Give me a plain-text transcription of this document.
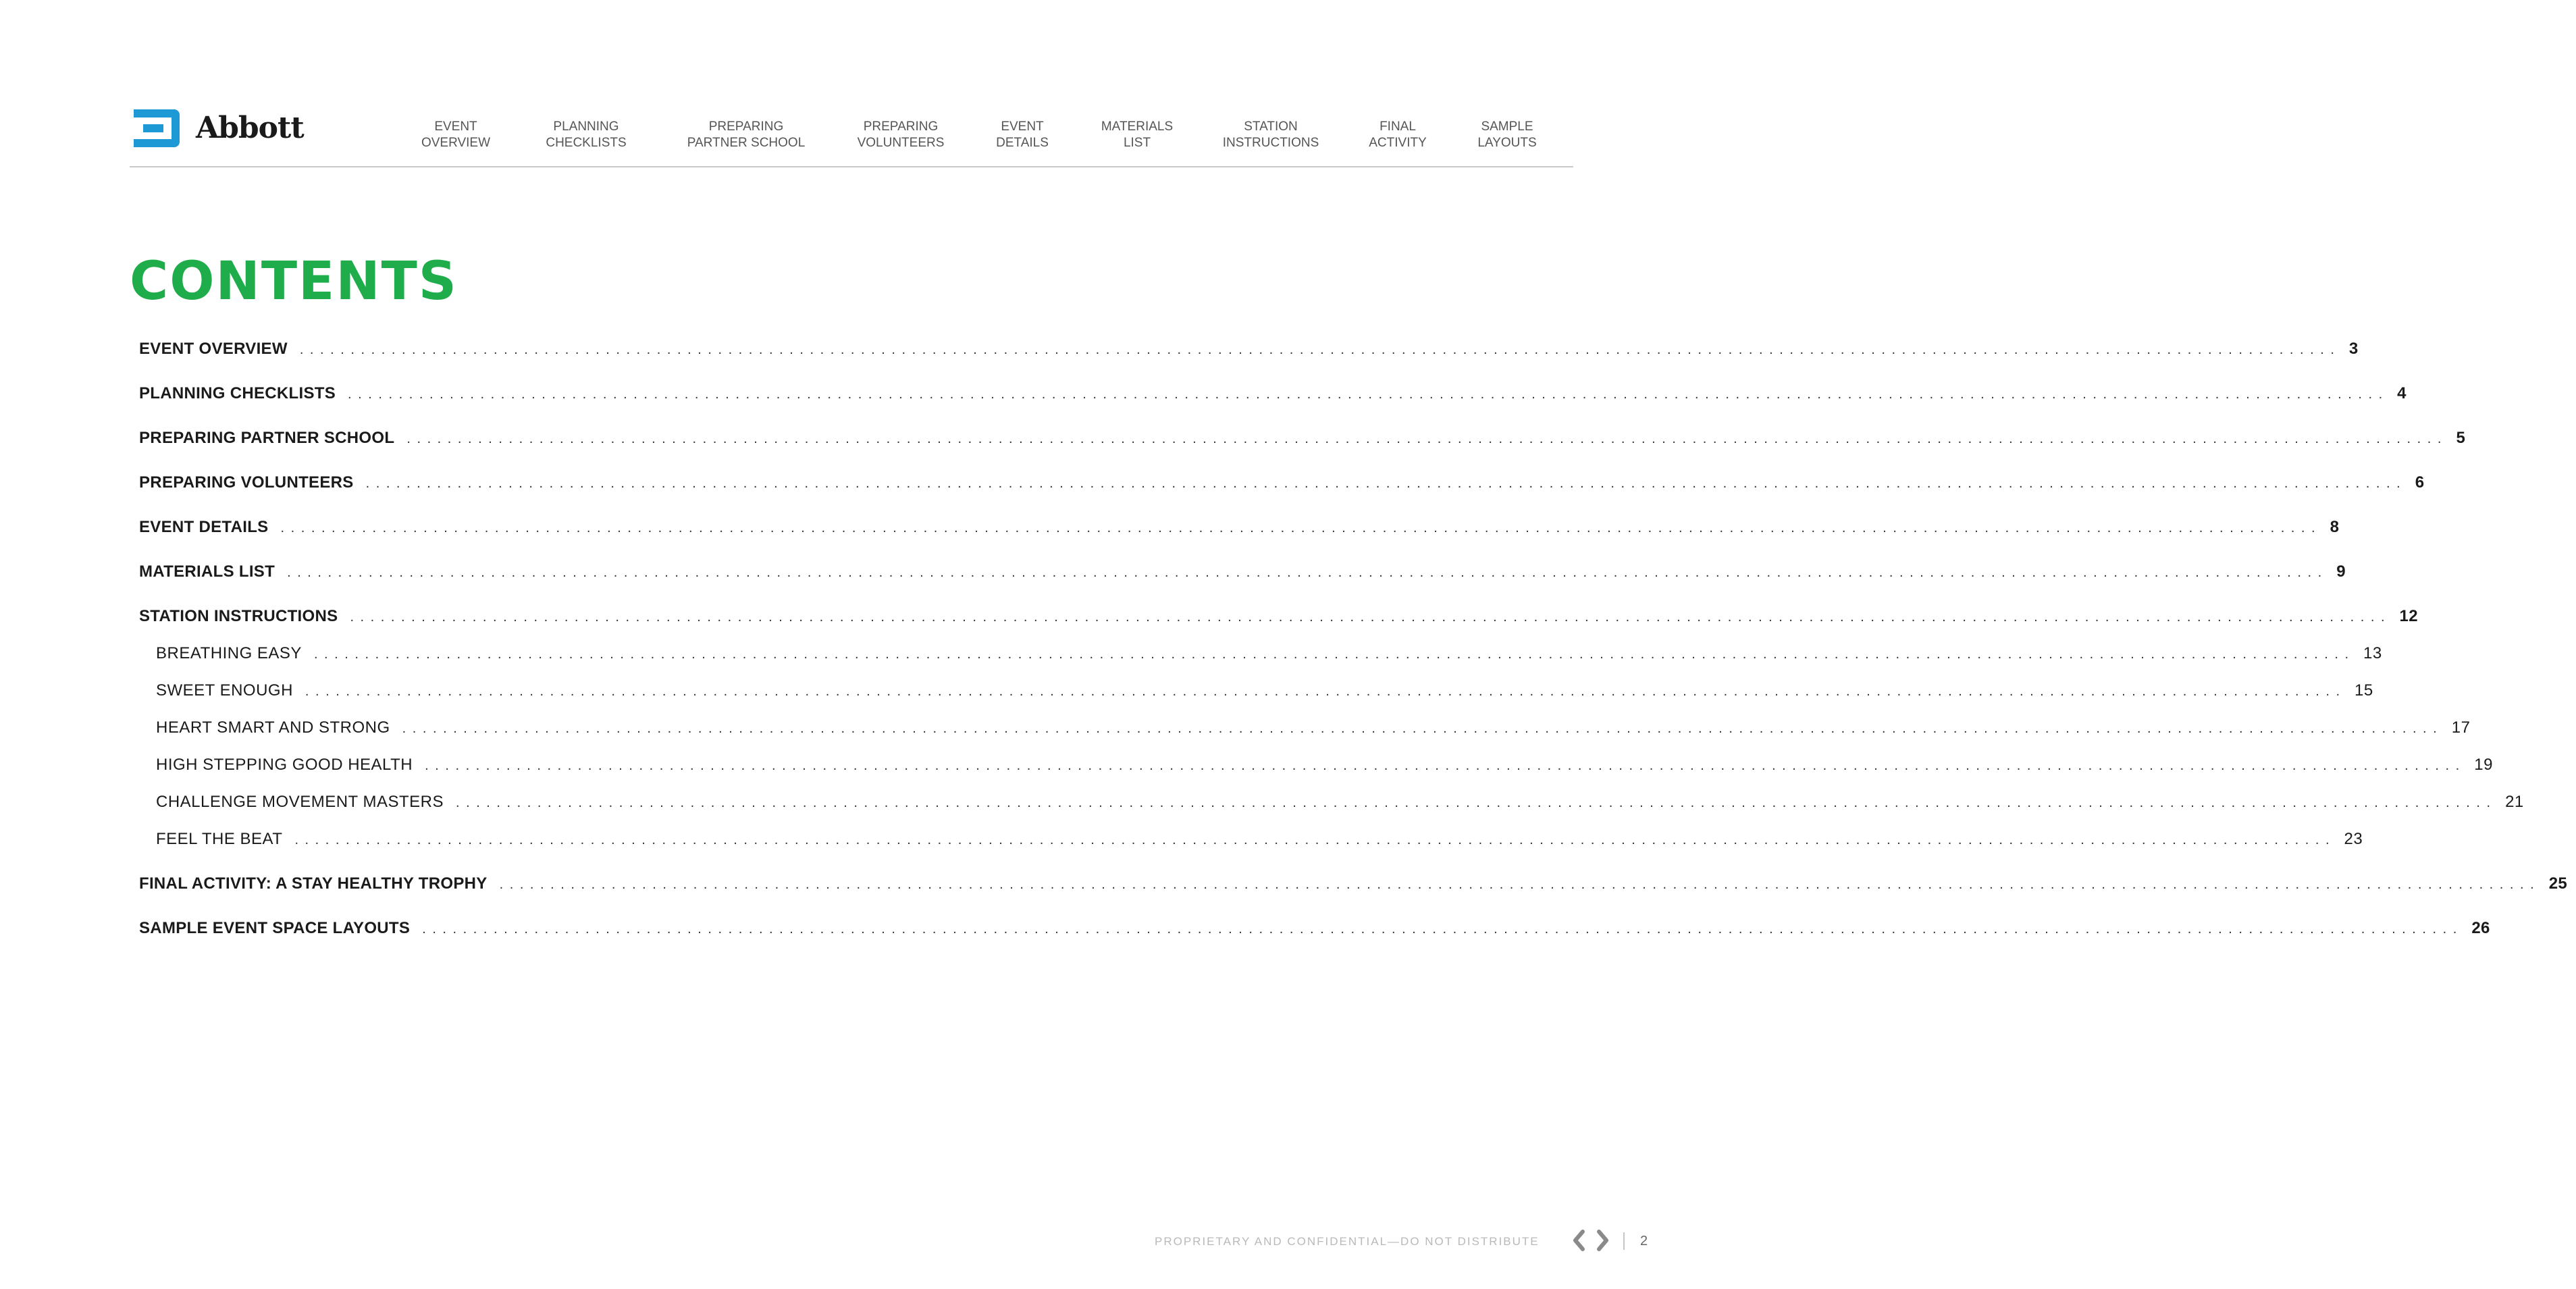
Abbott	EVENT
OVERVIEW
PLANNING
CHECKLISTS
PREPARING
PARTNER SCHOOL
PREPARING
VOLUNTEERS
EVENT
DETAILS
MATERIALS
LIST
STATION
INSTRUCTIONS
FINAL
ACTIVITY
SAMPLE
LAYOUTS
CONTENTS
EVENT OVERVIEW . . . . . . . . . . . . . . . . . . . . . . . . . . . . . . . . . . . . . . . . . . . . . . . . . . . . . . . . . . . . . . . . . . . . . . . . . . . . . . . . . . . . . . . . . . . . . . . . . . . . . . . . . . . . . . . . . . . . . . . . . . . . . . . . . . . . . . . . . . . . . . . . . . . . . . . . . . . . . . . . . . . . . . . . . . . . . . . . . . . . . . . . . . . . . . . . . . . . . . . . 3
PLANNING CHECKLISTS . . . . . . . . . . . . . . . . . . . . . . . . . . . . . . . . . . . . . . . . . . . . . . . . . . . . . . . . . . . . . . . . . . . . . . . . . . . . . . . . . . . . . . . . . . . . . . . . . . . . . . . . . . . . . . . . . . . . . . . . . . . . . . . . . . . . . . . . . . . . . . . . . . . . . . . . . . . . . . . . . . . . . . . . . . . . . . . . . . . . . . . . . . . . . . . . . . . . . . . . 4
PREPARING PARTNER SCHOOL . . . . . . . . . . . . . . . . . . . . . . . . . . . . . . . . . . . . . . . . . . . . . . . . . . . . . . . . . . . . . . . . . . . . . . . . . . . . . . . . . . . . . . . . . . . . . . . . . . . . . . . . . . . . . . . . . . . . . . . . . . . . . . . . . . . . . . . . . . . . . . . . . . . . . . . . . . . . . . . . . . . . . . . . . . . . . . . . . . . . . . . . . . . . . . . . . . . . . . . . 5
PREPARING VOLUNTEERS . . . . . . . . . . . . . . . . . . . . . . . . . . . . . . . . . . . . . . . . . . . . . . . . . . . . . . . . . . . . . . . . . . . . . . . . . . . . . . . . . . . . . . . . . . . . . . . . . . . . . . . . . . . . . . . . . . . . . . . . . . . . . . . . . . . . . . . . . . . . . . . . . . . . . . . . . . . . . . . . . . . . . . . . . . . . . . . . . . . . . . . . . . . . . . . . . . . . . . . . 6
EVENT DETAILS . . . . . . . . . . . . . . . . . . . . . . . . . . . . . . . . . . . . . . . . . . . . . . . . . . . . . . . . . . . . . . . . . . . . . . . . . . . . . . . . . . . . . . . . . . . . . . . . . . . . . . . . . . . . . . . . . . . . . . . . . . . . . . . . . . . . . . . . . . . . . . . . . . . . . . . . . . . . . . . . . . . . . . . . . . . . . . . . . . . . . . . . . . . . . . . . . . . . . . . . 8
MATERIALS LIST . . . . . . . . . . . . . . . . . . . . . . . . . . . . . . . . . . . . . . . . . . . . . . . . . . . . . . . . . . . . . . . . . . . . . . . . . . . . . . . . . . . . . . . . . . . . . . . . . . . . . . . . . . . . . . . . . . . . . . . . . . . . . . . . . . . . . . . . . . . . . . . . . . . . . . . . . . . . . . . . . . . . . . . . . . . . . . . . . . . . . . . . . . . . . . . . . . . . . . . . 9
STATION INSTRUCTIONS . . . . . . . . . . . . . . . . . . . . . . . . . . . . . . . . . . . . . . . . . . . . . . . . . . . . . . . . . . . . . . . . . . . . . . . . . . . . . . . . . . . . . . . . . . . . . . . . . . . . . . . . . . . . . . . . . . . . . . . . . . . . . . . . . . . . . . . . . . . . . . . . . . . . . . . . . . . . . . . . . . . . . . . . . . . . . . . . . . . . . . . . . . . . . . . . . . . . . . . . 12
BREATHING EASY . . . . . . . . . . . . . . . . . . . . . . . . . . . . . . . . . . . . . . . . . . . . . . . . . . . . . . . . . . . . . . . . . . . . . . . . . . . . . . . . . . . . . . . . . . . . . . . . . . . . . . . . . . . . . . . . . . . . . . . . . . . . . . . . . . . . . . . . . . . . . . . . . . . . . . . . . . . . . . . . . . . . . . . . . . . . . . . . . . . . . . . . . . . . . . . . . . . . . . . . 13
SWEET ENOUGH . . . . . . . . . . . . . . . . . . . . . . . . . . . . . . . . . . . . . . . . . . . . . . . . . . . . . . . . . . . . . . . . . . . . . . . . . . . . . . . . . . . . . . . . . . . . . . . . . . . . . . . . . . . . . . . . . . . . . . . . . . . . . . . . . . . . . . . . . . . . . . . . . . . . . . . . . . . . . . . . . . . . . . . . . . . . . . . . . . . . . . . . . . . . . . . . . . . . . . . . 15
HEART SMART AND STRONG . . . . . . . . . . . . . . . . . . . . . . . . . . . . . . . . . . . . . . . . . . . . . . . . . . . . . . . . . . . . . . . . . . . . . . . . . . . . . . . . . . . . . . . . . . . . . . . . . . . . . . . . . . . . . . . . . . . . . . . . . . . . . . . . . . . . . . . . . . . . . . . . . . . . . . . . . . . . . . . . . . . . . . . . . . . . . . . . . . . . . . . . . . . . . . . . . . . . . . . . 17
HIGH STEPPING GOOD HEALTH . . . . . . . . . . . . . . . . . . . . . . . . . . . . . . . . . . . . . . . . . . . . . . . . . . . . . . . . . . . . . . . . . . . . . . . . . . . . . . . . . . . . . . . . . . . . . . . . . . . . . . . . . . . . . . . . . . . . . . . . . . . . . . . . . . . . . . . . . . . . . . . . . . . . . . . . . . . . . . . . . . . . . . . . . . . . . . . . . . . . . . . . . . . . . . . . . . . . . . . . 19
CHALLENGE MOVEMENT MASTERS . . . . . . . . . . . . . . . . . . . . . . . . . . . . . . . . . . . . . . . . . . . . . . . . . . . . . . . . . . . . . . . . . . . . . . . . . . . . . . . . . . . . . . . . . . . . . . . . . . . . . . . . . . . . . . . . . . . . . . . . . . . . . . . . . . . . . . . . . . . . . . . . . . . . . . . . . . . . . . . . . . . . . . . . . . . . . . . . . . . . . . . . . . . . . . . . . . . . . . . . 21
FEEL THE BEAT . . . . . . . . . . . . . . . . . . . . . . . . . . . . . . . . . . . . . . . . . . . . . . . . . . . . . . . . . . . . . . . . . . . . . . . . . . . . . . . . . . . . . . . . . . . . . . . . . . . . . . . . . . . . . . . . . . . . . . . . . . . . . . . . . . . . . . . . . . . . . . . . . . . . . . . . . . . . . . . . . . . . . . . . . . . . . . . . . . . . . . . . . . . . . . . . . . . . . . . . 23
FINAL ACTIVITY: A STAY HEALTHY TROPHY . . . . . . . . . . . . . . . . . . . . . . . . . . . . . . . . . . . . . . . . . . . . . . . . . . . . . . . . . . . . . . . . . . . . . . . . . . . . . . . . . . . . . . . . . . . . . . . . . . . . . . . . . . . . . . . . . . . . . . . . . . . . . . . . . . . . . . . . . . . . . . . . . . . . . . . . . . . . . . . . . . . . . . . . . . . . . . . . . . . . . . . . . . . . . . . . . . . . . . . . 25
SAMPLE EVENT SPACE LAYOUTS . . . . . . . . . . . . . . . . . . . . . . . . . . . . . . . . . . . . . . . . . . . . . . . . . . . . . . . . . . . . . . . . . . . . . . . . . . . . . . . . . . . . . . . . . . . . . . . . . . . . . . . . . . . . . . . . . . . . . . . . . . . . . . . . . . . . . . . . . . . . . . . . . . . . . . . . . . . . . . . . . . . . . . . . . . . . . . . . . . . . . . . . . . . . . . . . . . . . . . . . 26
PROPRIETARY AND CONFIDENTIAL—DO NOT DISTRIBUTE	2
